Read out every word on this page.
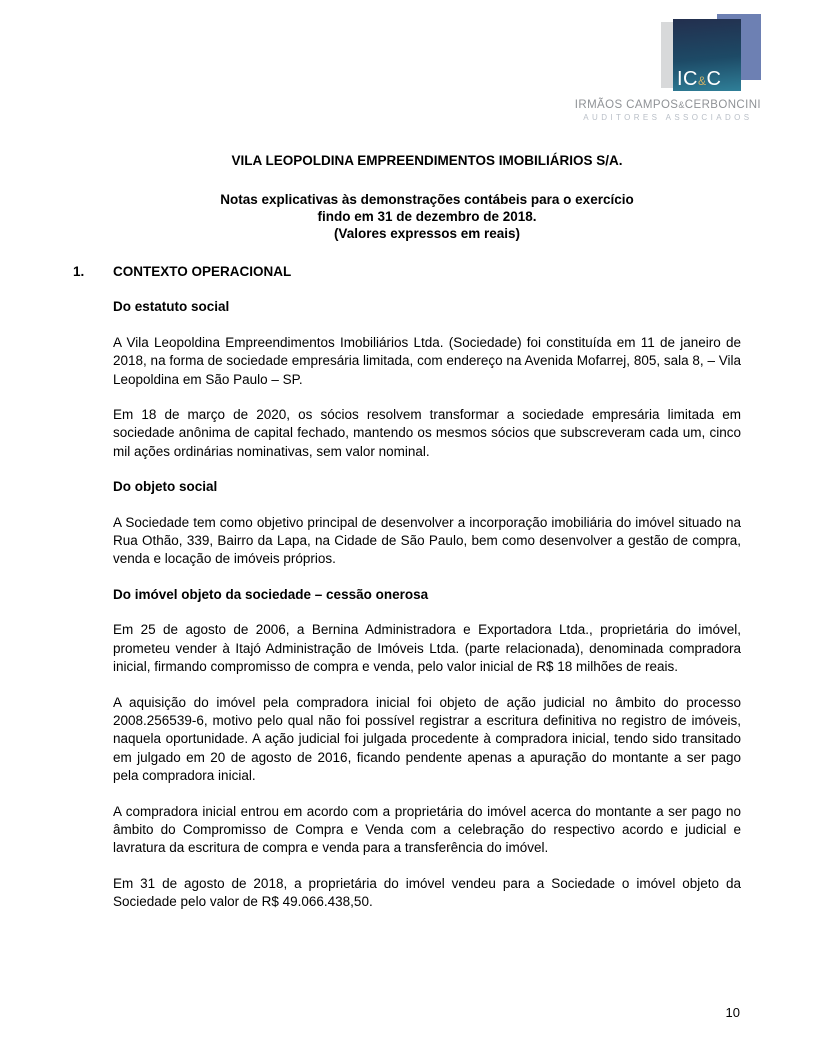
IC&C
IRMÃOS CAMPOS&CERBONCINI
AUDITORES ASSOCIADOS
VILA LEOPOLDINA EMPREENDIMENTOS IMOBILIÁRIOS S/A.
Notas explicativas às demonstrações contábeis para o exercício
findo em 31 de dezembro de 2018.
(Valores expressos em reais)
1. CONTEXTO OPERACIONAL
Do estatuto social

A Vila Leopoldina Empreendimentos Imobiliários Ltda. (Sociedade) foi constituída em 11 de janeiro de 2018, na forma de sociedade empresária limitada, com endereço na Avenida Mofarrej, 805, sala 8, – Vila Leopoldina em São Paulo – SP.

Em 18 de março de 2020, os sócios resolvem transformar a sociedade empresária limitada em sociedade anônima de capital fechado, mantendo os mesmos sócios que subscreveram cada um, cinco mil ações ordinárias nominativas, sem valor nominal.

Do objeto social

A Sociedade tem como objetivo principal de desenvolver a incorporação imobiliária do imóvel situado na Rua Othão, 339, Bairro da Lapa, na Cidade de São Paulo, bem como desenvolver a gestão de compra, venda e locação de imóveis próprios.

Do imóvel objeto da sociedade – cessão onerosa

Em 25 de agosto de 2006, a Bernina Administradora e Exportadora Ltda., proprietária do imóvel, prometeu vender à Itajó Administração de Imóveis Ltda. (parte relacionada), denominada compradora inicial, firmando compromisso de compra e venda, pelo valor inicial de R$ 18 milhões de reais.

A aquisição do imóvel pela compradora inicial foi objeto de ação judicial no âmbito do processo 2008.256539-6, motivo pelo qual não foi possível registrar a escritura definitiva no registro de imóveis, naquela oportunidade. A ação judicial foi julgada procedente à compradora inicial, tendo sido transitado em julgado em 20 de agosto de 2016, ficando pendente apenas a apuração do montante a ser pago pela compradora inicial.

A compradora inicial entrou em acordo com a proprietária do imóvel acerca do montante a ser pago no âmbito do Compromisso de Compra e Venda com a celebração do respectivo acordo e judicial e lavratura da escritura de compra e venda para a transferência do imóvel.

Em 31 de agosto de 2018, a proprietária do imóvel vendeu para a Sociedade o imóvel objeto da Sociedade pelo valor de R$ 49.066.438,50.

10
